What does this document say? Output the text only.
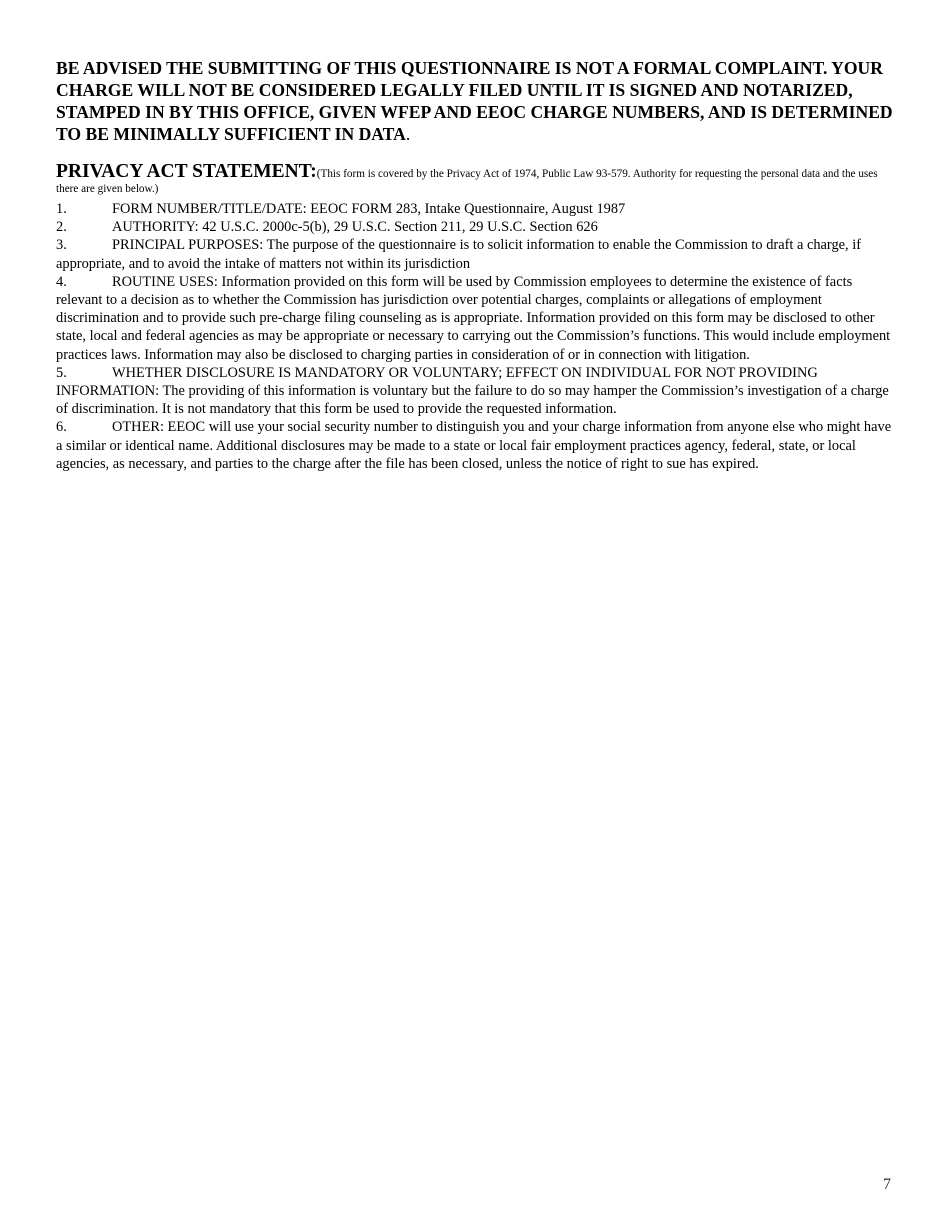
BE ADVISED THE SUBMITTING OF THIS QUESTIONNAIRE IS NOT A FORMAL COMPLAINT. YOUR CHARGE WILL NOT BE CONSIDERED LEGALLY FILED UNTIL IT IS SIGNED AND NOTARIZED, STAMPED IN BY THIS OFFICE, GIVEN WFEP AND EEOC CHARGE NUMBERS, AND IS DETERMINED TO BE MINIMALLY SUFFICIENT IN DATA.

PRIVACY ACT STATEMENT:(This form is covered by the Privacy Act of 1974, Public Law 93-579. Authority for requesting the personal data and the uses there are given below.)

1.	FORM NUMBER/TITLE/DATE: EEOC FORM 283, Intake Questionnaire, August 1987
2.	AUTHORITY: 42 U.S.C. 2000c-5(b), 29 U.S.C. Section 211, 29 U.S.C. Section 626
3.	PRINCIPAL PURPOSES: The purpose of the questionnaire is to solicit information to enable the Commission to draft a charge, if appropriate, and to avoid the intake of matters not within its jurisdiction
4.	ROUTINE USES: Information provided on this form will be used by Commission employees to determine the existence of facts relevant to a decision as to whether the Commission has jurisdiction over potential charges, complaints or allegations of employment discrimination and to provide such pre-charge filing counseling as is appropriate. Information provided on this form may be disclosed to other state, local and federal agencies as may be appropriate or necessary to carrying out the Commission’s functions. This would include employment practices laws. Information may also be disclosed to charging parties in consideration of or in connection with litigation.
5.	WHETHER DISCLOSURE IS MANDATORY OR VOLUNTARY; EFFECT ON INDIVIDUAL FOR NOT PROVIDING INFORMATION: The providing of this information is voluntary but the failure to do so may hamper the Commission’s investigation of a charge of discrimination. It is not mandatory that this form be used to provide the requested information.
6.	OTHER: EEOC will use your social security number to distinguish you and your charge information from anyone else who might have a similar or identical name. Additional disclosures may be made to a state or local fair employment practices agency, federal, state, or local agencies, as necessary, and parties to the charge after the file has been closed, unless the notice of right to sue has expired.
7
